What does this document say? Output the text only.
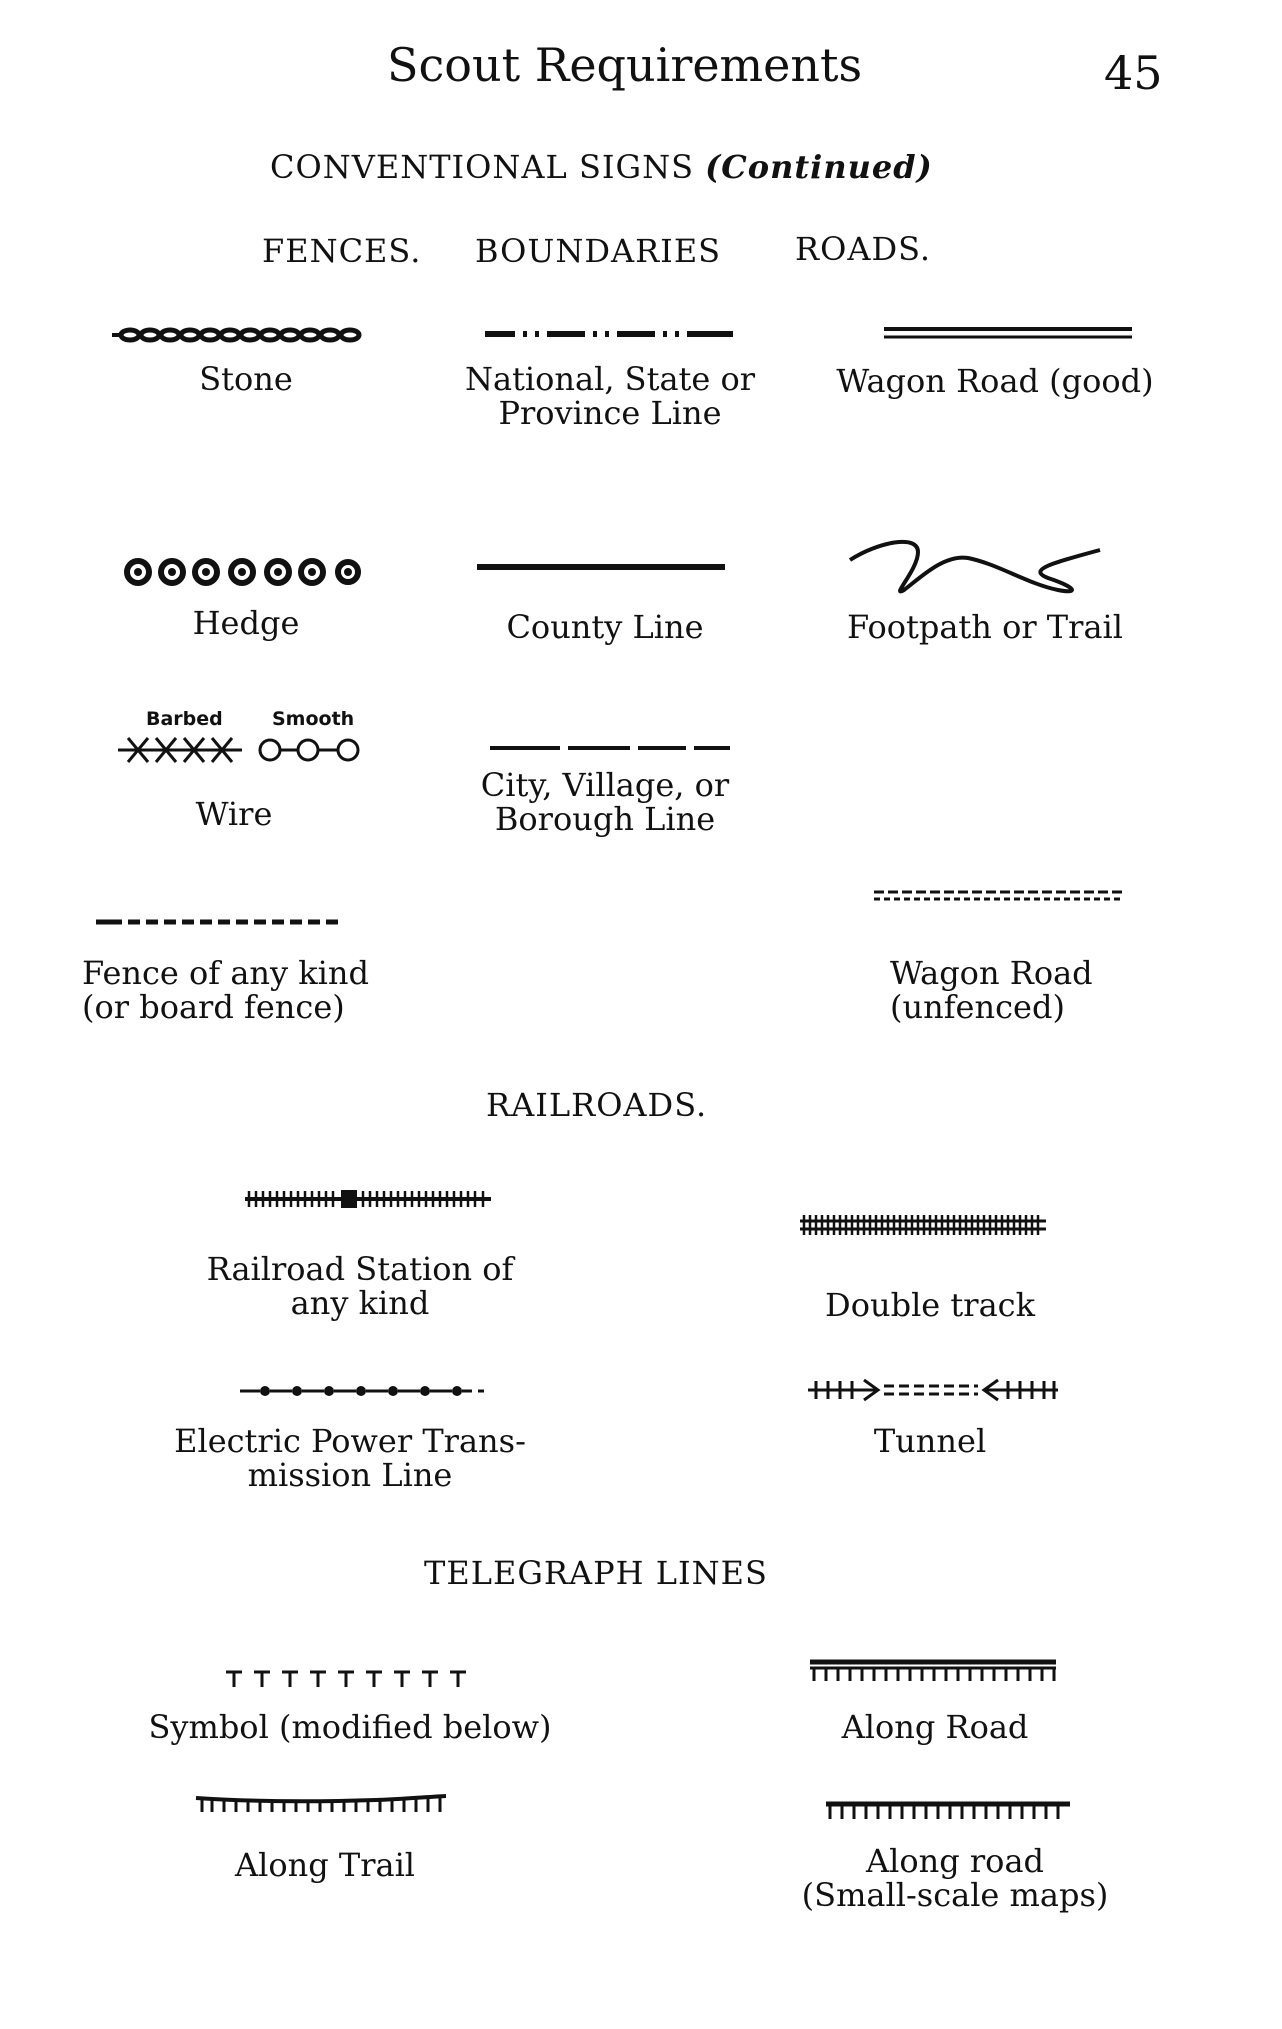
Scout Requirements	45
CONVENTIONAL SIGNS (Continued)
FENCES. BOUNDARIES ROADS.
Stone	National, State or
Province Line
Wagon Road (good)
Hedge	County Line	Footpath or Trail
Barbed	Smooth
Wire
City, Village, or
Borough Line
Fence of any kind
(or board fence)
Wagon Road
(unfenced)
RAILROADS.
Railroad Station of
any kind	Double track
Electric Power Trans-
mission Line
Tunnel
TELEGRAPH LINES
Symbol (modified below)	Along Road
Along Trail	Along road
(Small-scale maps)
